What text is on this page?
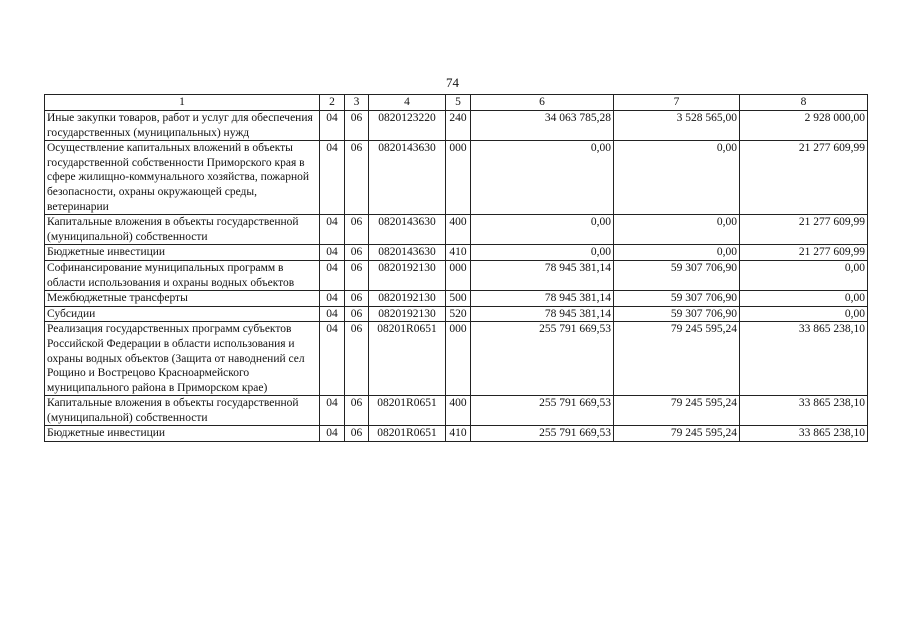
74
1	2	3	4	5	6	7	8
Иные закупки товаров, работ и услуг для обеспечения государственных (муниципальных) нужд	04	06	0820123220	240	34 063 785,28	3 528 565,00	2 928 000,00
Осуществление капитальных вложений в объекты государственной собственности Приморского края в сфере жилищно-коммунального хозяйства, пожарной безопасности, охраны окружающей среды, ветеринарии	04	06	0820143630	000	0,00	0,00	21 277 609,99
Капитальные вложения в объекты государственной (муниципальной) собственности	04	06	0820143630	400	0,00	0,00	21 277 609,99
Бюджетные инвестиции	04	06	0820143630	410	0,00	0,00	21 277 609,99
Софинансирование муниципальных программ в области использования и охраны водных объектов	04	06	0820192130	000	78 945 381,14	59 307 706,90	0,00
Межбюджетные трансферты	04	06	0820192130	500	78 945 381,14	59 307 706,90	0,00
Субсидии	04	06	0820192130	520	78 945 381,14	59 307 706,90	0,00
Реализация государственных программ субъектов Российской Федерации в области использования и охраны водных объектов (Защита от наводнений сел Рощино и Вострецово Красноармейского муниципального района в Приморском крае)	04	06	08201R0651	000	255 791 669,53	79 245 595,24	33 865 238,10
Капитальные вложения в объекты государственной (муниципальной) собственности	04	06	08201R0651	400	255 791 669,53	79 245 595,24	33 865 238,10
Бюджетные инвестиции	04	06	08201R0651	410	255 791 669,53	79 245 595,24	33 865 238,10
